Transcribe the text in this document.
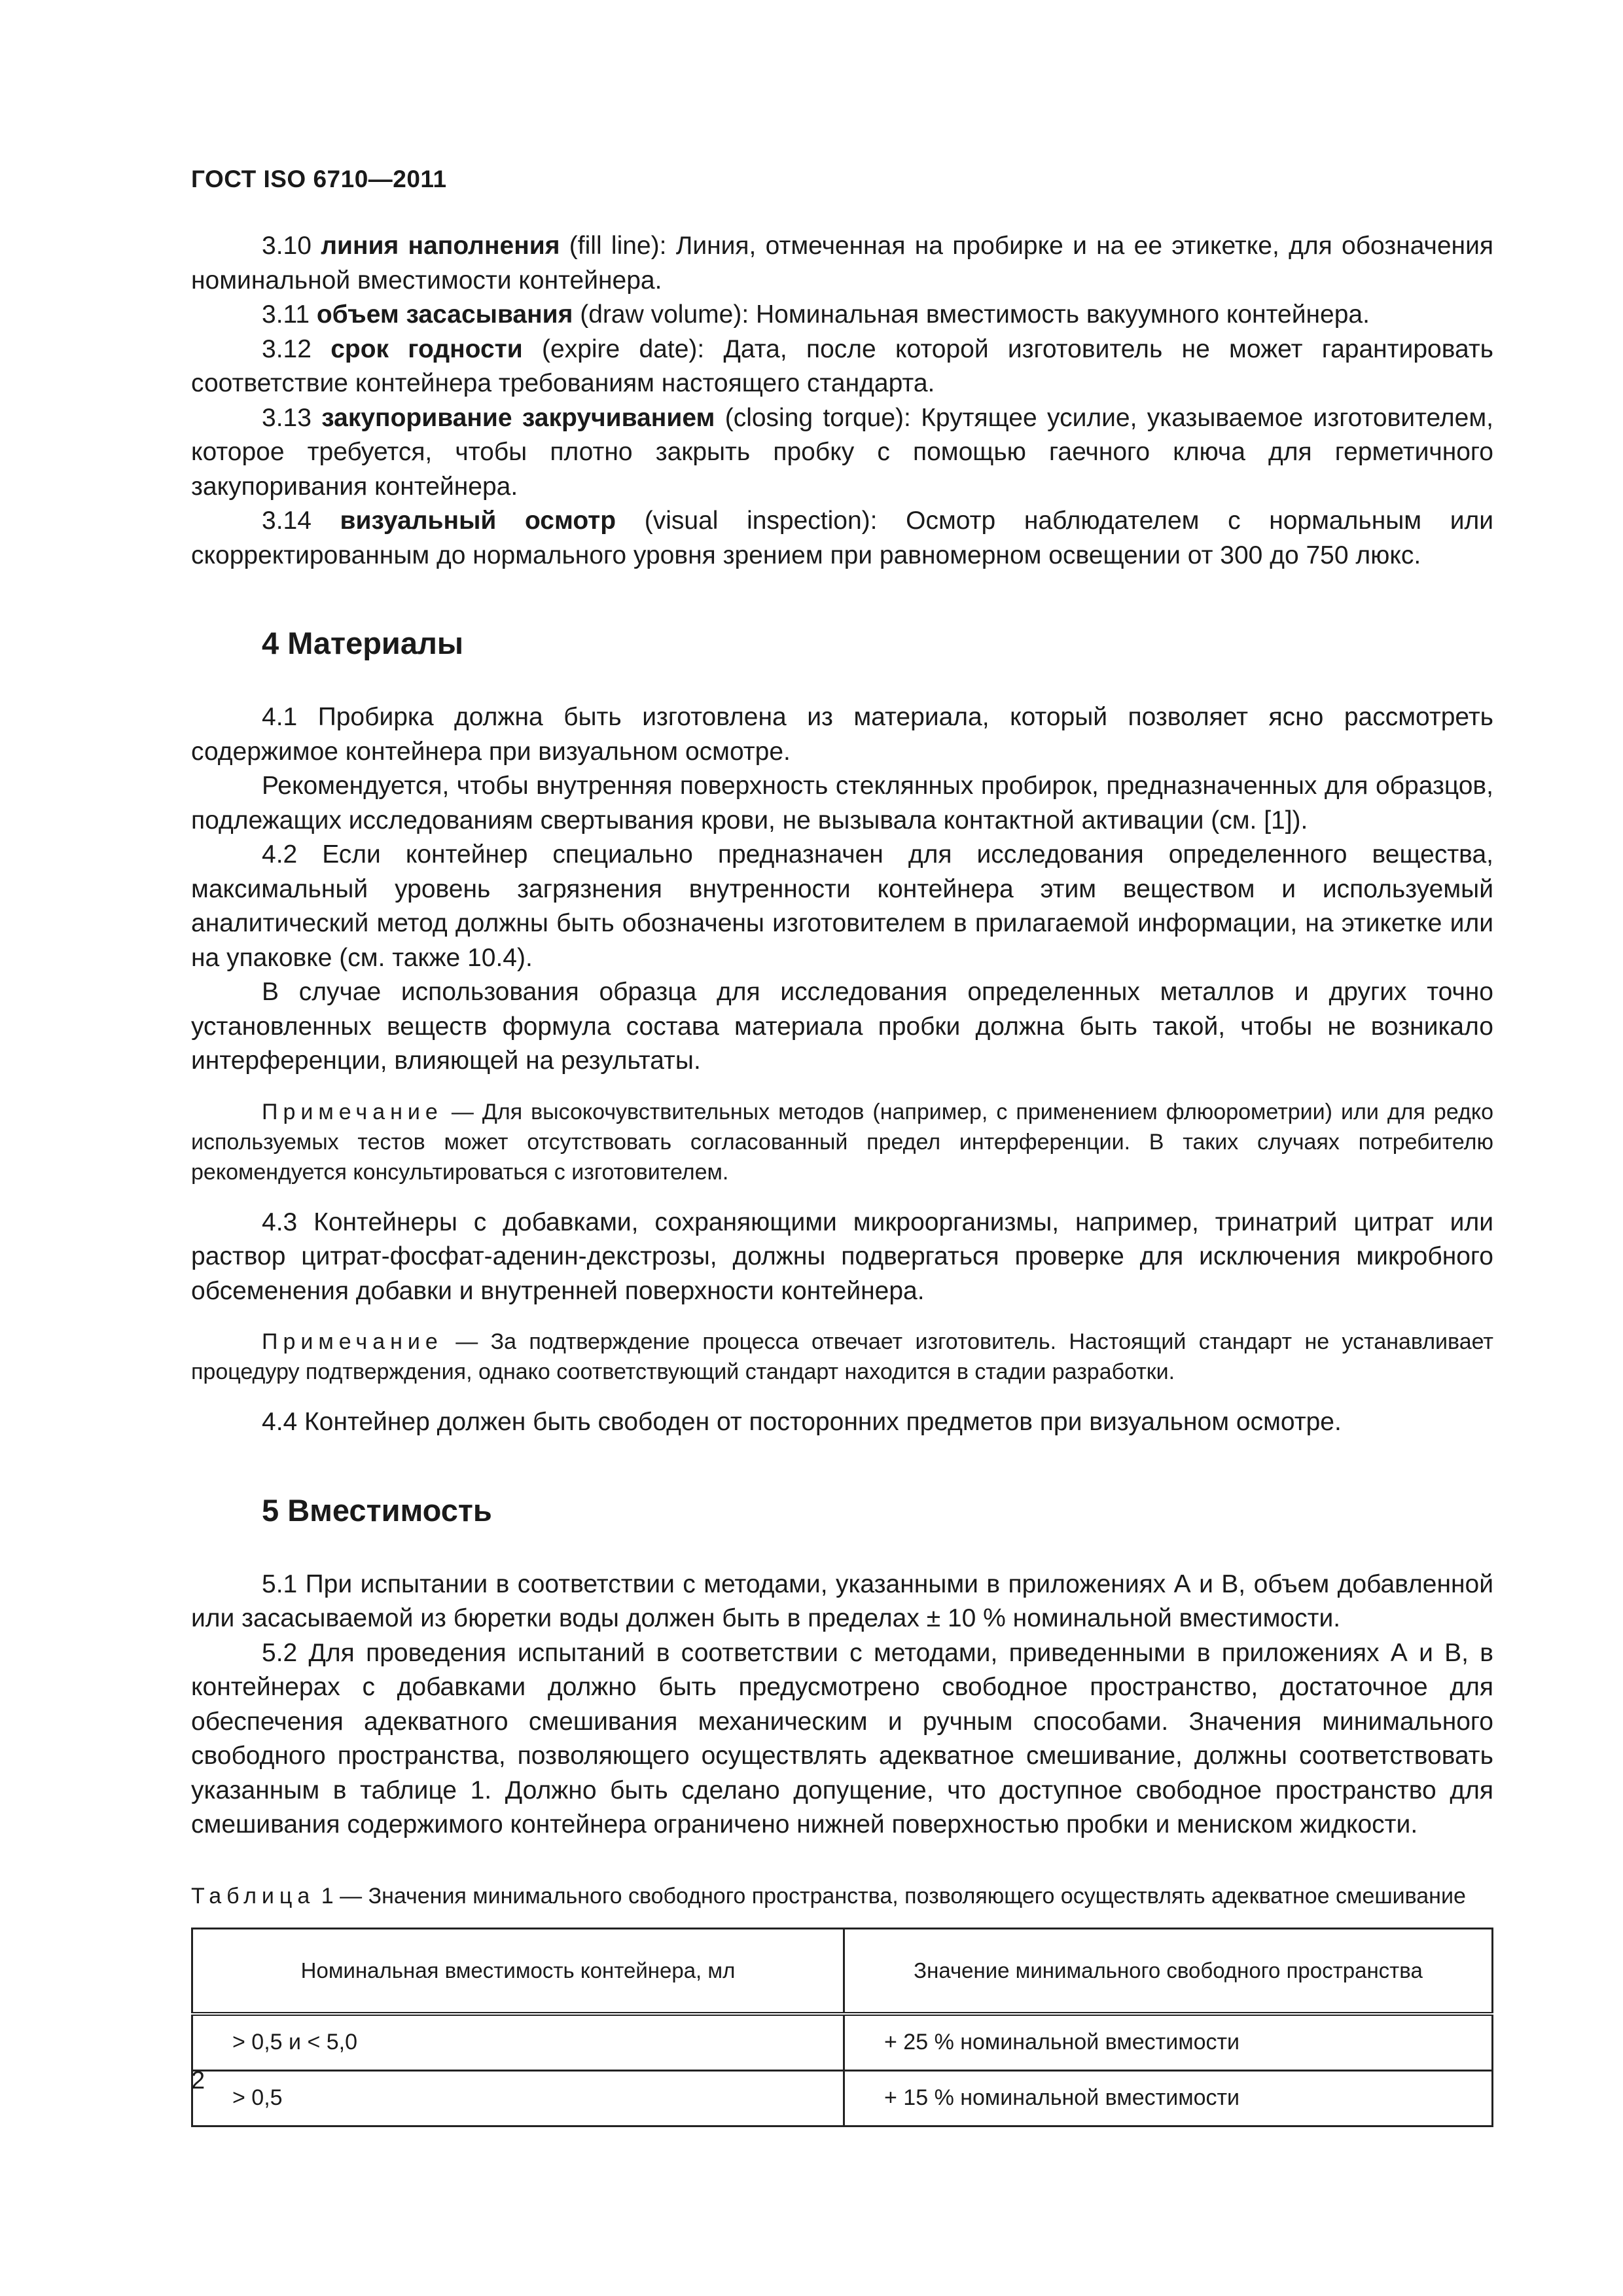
ГОСТ ISO 6710—2011

3.10 линия наполнения (fill line): Линия, отмеченная на пробирке и на ее этикетке, для обозначения номинальной вместимости контейнера.

3.11 объем засасывания (draw volume): Номинальная вместимость вакуумного контейнера.

3.12 срок годности (expire date): Дата, после которой изготовитель не может гарантировать соответствие контейнера требованиям настоящего стандарта.

3.13 закупоривание закручиванием (closing torque): Крутящее усилие, указываемое изготовителем, которое требуется, чтобы плотно закрыть пробку с помощью гаечного ключа для герметичного закупоривания контейнера.

3.14 визуальный осмотр (visual inspection): Осмотр наблюдателем с нормальным или скорректированным до нормального уровня зрением при равномерном освещении от 300 до 750 люкс.

4 Материалы

4.1 Пробирка должна быть изготовлена из материала, который позволяет ясно рассмотреть содержимое контейнера при визуальном осмотре.

Рекомендуется, чтобы внутренняя поверхность стеклянных пробирок, предназначенных для образцов, подлежащих исследованиям свертывания крови, не вызывала контактной активации (см. [1]).

4.2 Если контейнер специально предназначен для исследования определенного вещества, максимальный уровень загрязнения внутренности контейнера этим веществом и используемый аналитический метод должны быть обозначены изготовителем в прилагаемой информации, на этикетке или на упаковке (см. также 10.4).

В случае использования образца для исследования определенных металлов и других точно установленных веществ формула состава материала пробки должна быть такой, чтобы не возникало интерференции, влияющей на результаты.

Примечание — Для высокочувствительных методов (например, с применением флюорометрии) или для редко используемых тестов может отсутствовать согласованный предел интерференции. В таких случаях потребителю рекомендуется консультироваться с изготовителем.

4.3 Контейнеры с добавками, сохраняющими микроорганизмы, например, тринатрий цитрат или раствор цитрат-фосфат-аденин-декстрозы, должны подвергаться проверке для исключения микробного обсеменения добавки и внутренней поверхности контейнера.

Примечание — За подтверждение процесса отвечает изготовитель. Настоящий стандарт не устанавливает процедуру подтверждения, однако соответствующий стандарт находится в стадии разработки.

4.4 Контейнер должен быть свободен от посторонних предметов при визуальном осмотре.

5 Вместимость

5.1 При испытании в соответствии с методами, указанными в приложениях А и В, объем добавленной или засасываемой из бюретки воды должен быть в пределах ± 10 % номинальной вместимости.

5.2 Для проведения испытаний в соответствии с методами, приведенными в приложениях А и В, в контейнерах с добавками должно быть предусмотрено свободное пространство, достаточное для обеспечения адекватного смешивания механическим и ручным способами. Значения минимального свободного пространства, позволяющего осуществлять адекватное смешивание, должны соответствовать указанным в таблице 1. Должно быть сделано допущение, что доступное свободное пространство для смешивания содержимого контейнера ограничено нижней поверхностью пробки и мениском жидкости.

Таблица 1 — Значения минимального свободного пространства, позволяющего осуществлять адекватное смешивание

Номинальная вместимость контейнера, мл	Значение минимального свободного пространства
> 0,5 и < 5,0	+ 25 % номинальной вместимости
> 0,5	+ 15 % номинальной вместимости
2
